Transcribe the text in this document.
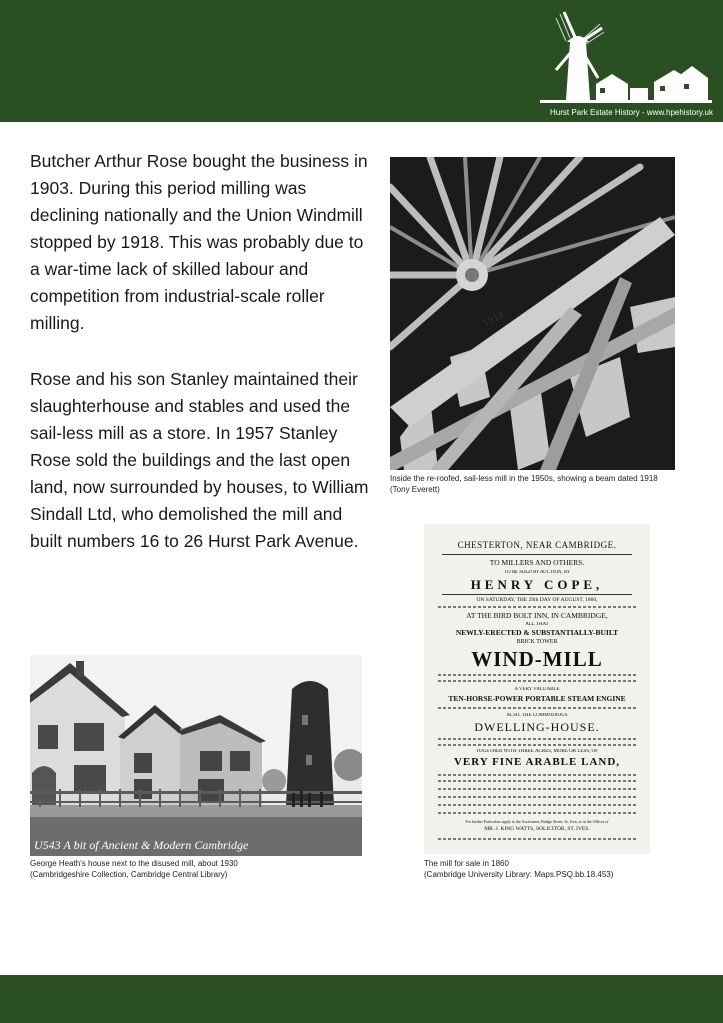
Hurst Park Estate History - www.hpehistory.uk

Butcher Arthur Rose bought the business in 1903. During this period milling was declining nationally and the Union Windmill stopped by 1918. This was probably due to a war-time lack of skilled labour and competition from industrial-scale roller milling.

Rose and his son Stanley maintained their slaughterhouse and stables and used the sail-less mill as a store. In 1957 Stanley Rose sold the buildings and the last open land, now surrounded by houses, to William Sindall Ltd, who demolished the mill and built numbers 16 to 26 Hurst Park Avenue.

1918
Inside the re-roofed, sail-less mill in the 1950s, showing a beam dated 1918
(Tony Everett)
U543 A bit of Ancient & Modern Cambridge
George Heath's house next to the disused mill, about 1930
(Cambridgeshire Collection, Cambridge Central Library)
CHESTERTON, NEAR CAMBRIDGE.
TO MILLERS AND OTHERS.
TO BE SOLD BY AUCTION, BY
HENRY COPE,
ON SATURDAY, THE 29th DAY OF AUGUST, 1860,
AT THE BIRD BOLT INN, IN CAMBRIDGE,
ALL THAT
NEWLY-ERECTED & SUBSTANTIALLY-BUILT
BRICK TOWER
WIND-MILL
A VERY VALUABLE
TEN-HORSE-POWER PORTABLE STEAM ENGINE
ALSO, THE COMMODIOUS
DWELLING-HOUSE.
TOGETHER WITH THREE ACRES, MORE OR LESS, OF
VERY FINE ARABLE LAND,
For further Particulars apply to the Auctioneer, Bridge Street, St. Ives; or at the Offices of
MR. J. KING WATTS, SOLICITOR, ST. IVES.
The mill for sale in 1860
(Cambridge University Library: Maps.PSQ.bb.18.453)
